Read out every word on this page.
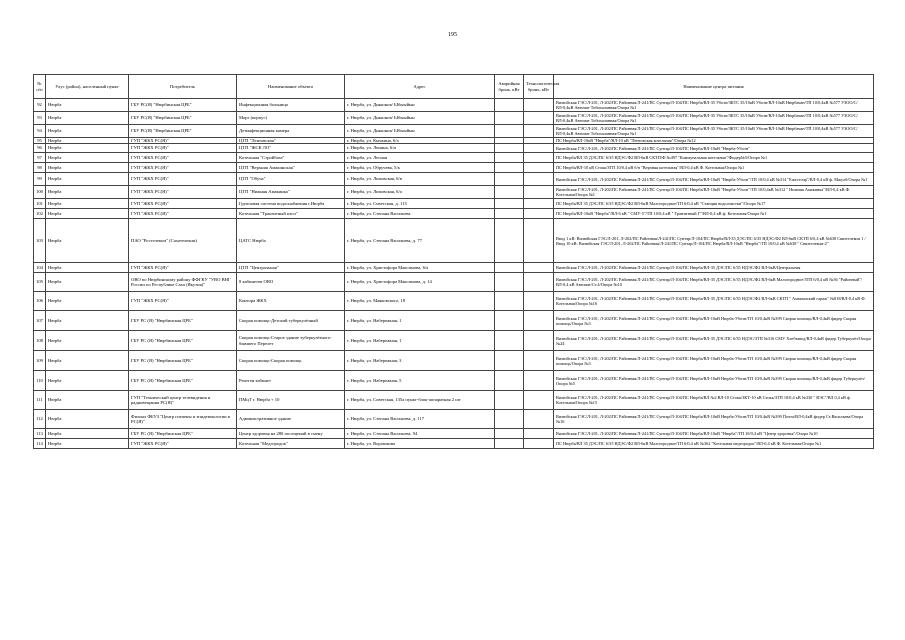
195
№ п/п	Улус (район), населенный пункт	Потребитель	Наименование объекта	Адрес	Аварийная бронь, кВт	Технологическая бронь, кВт	Наименование центра питания

92	Нюрба	ГБУ РС(Я) "Нюрбинская ЦРБ"	Инфекционная больница	г. Нюрба, ул. Дьяконов/ Ыбыыйын			Вилюйская ГЭС/Л-201, Л-202/ПС Районная/Л-241/ПС Сунтар/Л-104/ПС Нюрба/ВЛ-35 Убоэн/ЗКТС 35/10кВ Убоэн/ВЛ-10кВ Нюрбачан/ТП 10/0,4кВ №577 УЗОО/С/ВЛ-0,4кВ Автомат Тобихаланная/Опора №1

93	Нюрба	ГБУ РС(Я) "Нюрбинская ЦРБ"	Морг (корпус)	г. Нюрба, ул. Дьяконов/ Ыбыыйын			Вилюйская ГЭС/Л-201, Л-202/ПС Районная/Л-241/ПС Сунтар/Л-104/ПС Нюрба/ВЛ-35 Убоэн/ЗКТС 35/10кВ Убоэн/ВЛ-10кВ Нюрбачан/ТП 10/0,4кВ №577 УЗОО/С/ВЛ-0,4кВ Автомат Тобихаланная/Опора №1

94	Нюрба	ГБУ РС(Я) "Нюрбинская ЦРБ"	Дезинфекционная камера	г. Нюрба, ул. Дьяконов/ Ыбыыйын			Вилюйская ГЭС/Л-201, Л-202/ПС Районная/Л-241/ПС Сунтар/Л-104/ПС Нюрба/ВЛ-35 Убоэн/ЗКТС 35/10кВ Убоэн/ВЛ-10кВ Нюрбачан/ТП 10/0,4кВ №577 УЗОО/С/ВЛ-0,4кВ Автомат Тобихаланная/Опора №1

95	Нюрба	ГУП "ЖКХ РС(Я)"	ЦТП "Лентовская"	г. Нюрба, ул. Кычкина, 6/а			ПС Нюрба/ВЛ-10кВ "Нюрба"/ВЛ-10 кВ "Лентовская котельная"/Опора №12

96	Нюрба	ГУП "ЖКХ РС(Я)"	ЦТП "ЖСК ЛО"	г. Нюрба, ул. Ленина, 6/и			Вилюйская ГЭС/Л-201, Л-202/ПС Районная/Л-241/ПС Сунтар/Л-104/ПС Нюрба/ВЛ-10кВ "Нюрба-Убоэн"

97	Нюрба	ГУП "ЖКХ РС(Я)"	Котельная "Стройбаза"	г. Нюрба, ул. Лесная			ПС Нюрба/ВЛ 35 ДЭС/ПС 6/35 НДЭС/Ф2 ВЛ-6кВ СКТП/Ф №497 "Коммунальная котельная"/Фидер№5/Опора №1

98	Нюрба	ГУП "ЖКХ РС(Я)"	ЦТП "Верхняя Амакинская"	г. Нюрба, ул. Обручева, 5/к			ПС Нюрба/ВЛ-10 кВ Стокк/ЗТП 10/0,4 кВ б/н "Верхняя котельная"/ВЛ-0,4 кВ Ф. Котельная/Опора №1

99	Нюрба	ГУП "ЖКХ РС(Я)"	ЦТП "Обуча"	г. Нюрба, ул. Липовская, 6/в			Вилюйская ГЭС/Л-201, Л-202/ПС Районная/Л-241/ПС Сунтар/Л-104/ПС Нюрба/ВЛ-10кВ "Нюрба-Убоэн"/ТП 10/0,4 кВ №314 "Ежесточр"/ВЛ-0,4 кВ ф. Мжулб/Опора №1

100	Нюрба	ГУП "ЖКХ РС(Я)"	ЦТП "Нижняя Амакинка"	г. Нюрба, ул. Липовская, 6/а			Вилюйская ГЭС/Л-201, Л-202/ПС Районная/Л-241/ПС Сунтар/Л-104/ПС Нюрба/ВЛ-10кВ "Нюрба-Убоэн"/ТП 10/0,4кВ №312 " Нижняя Амакинка"/ВЛ-0,4 кВ Ф. Котельная/Опора №1

101	Нюрба	ГУП "ЖКХ РС(Я)"	Групповая система водоснабжения г.Нюрба	г. Нюрба, ул. Советская, д. 113			ПС Нюрба/ВЛ 35 ДЭС/ПС 6/35 НДЭС/Ф2 ВЛ-6кВ Малогородное/ТП 6/0,4 кВ "Станция водоочистки"/Опора №17

102	Нюрба	ГУП "ЖКХ РС(Я)"	Котельная "Транзитный изол"	г. Нюрба, ул. Степана Васильева			ПС Нюрба/ВЛ-10кВ "Нюрба"/ВЛ-6 кВ " СМУ-5"/ТП 10/0,4 кВ " Транзитный Г"/ВЛ-0,4 кВ ф. Котельная/Опора №1

103	Нюрба	ПАО "Ростелеком" (Сахателеком)	ЦАТС Нюрба	г. Нюрба, ул. Степана Васильева, д. 77			Ввод 1 кВ: Вилюйская ГЭС/Л-201, Л-202/ПС Районная/Л-241/ПС Сунтар/Л-104/ПС Нюрба/ВЛ-35 ДЭС/ПС 6/35 НДЭС/Ф2 ВЛ-6кВ СКТП 6/0,4 кВ №638 Связтелеком 1 / Ввод 10 кВ: Вилюйская ГЭС/Л-201, Л-202/ПС Районная/Л-241/ПС Сунтар/Л-104/ПС Нюрба/ВЛ-10кВ "Нюрба"/ТП 10/0,4 кВ №638 " Связтелеком-2"

104	Нюрба	ГУП "ЖКХ РС(Я)"	ЦТП "Центральная"	г. Нюрба, ул. Христофора Максимова, 6/а			Вилюйская ГЭС/Л-201, Л-202/ПС Районная/Л-241/ПС Сунтар/Л-104/ПС Нюрба/ВЛ-35 ДЭС/ПС 6/35 НДЭС/Ф2 ВЛ-6кВ/Центральная

105	Нюрба	ОВО по Нюрбинскому району ФФГКУ "УВО ВНГ России по Республике Саха (Якутия)"	8 кабинетов ОВО	г. Нюрба, ул. Христофора Максимова, д. 14			Вилюйская ГЭС/Л-201, Л-202/ПС Районная/Л-241/ПС Сунтар/Л-104/ПС Нюрба/ВЛ-35 ДЭС/ПС 6/35 НДЭС/Ф2 ВЛ-6кВ Малогородное/ЗТП 6/0,4 кВ №36 "Районный"/ВЛ-0,4 кВ Автомат/Ст.4/Опора №10

106	Нюрба	ГУП "ЖКХ РС(Я)"	Контора ЖКХ	г. Нюрба, ул. Маяковского, 18			Вилюйская ГЭС/Л-201, Л-202/ПС Районная/Л-241/ПС Сунтар/Л-104/ПС Нюрба/ВЛ-35 ДЭС/ПС 6/35 НДЭС/Ф2 ВЛ-6кВ СКТП " Аммиачский гараж" №818/ВЛ-0,4 кВ Ф. Котельная/Опора №16

107	Нюрба	ГБУ РС (Я) "Нюрбинская ЦРБ"	Скорая помощь-Детский туберкулёзный	г. Нюрба, ул. Набережная, 1			Вилюйская ГЭС/Л-201, Л-202/ПС Районная/Л-241/ПС Сунтар/Л-104/ПС Нюрба/ВЛ-10кВ Нюрба-Убоэн/ТП 10/0,4кВ №399 Скорая помощь/ВЛ-0,4кВ фидер Скорая помощь/Опора №3

108	Нюрба	ГБУ РС (Я) "Нюрбинская ЦРБ"	Скорая помощь-Старое здание туберкулёзного-бывшего Перелет	г. Нюрба, ул. Набережная, 1			Вилюйская ГЭС/Л-201, Л-202/ПС Районная/Л-241/ПС Сунтар/Л-104/ПС Нюрба/ВЛ-35 ДЭС/ПС 6/35 НДЭС/ЗТП №316 СМУ Хлебзавод/ВЛ-0,4кВ фидер Туберкулёз/Опора №24

109	Нюрба	ГБУ РС (Я) "Нюрбинская ЦРБ"	Скорая помощь-Скорая помощь	г. Нюрба, ул. Набережная, 3			Вилюйская ГЭС/Л-201, Л-202/ПС Районная/Л-241/ПС Сунтар/Л-104/ПС Нюрба/ВЛ-10кВ Нюрба-Убоэн/ТП 10/0,4кВ №399 Скорая помощь/ВЛ-0,4кВ фидер Скорая помощь/Опора №3

110	Нюрба	ГБУ РС (Я) "Нюрбинская ЦРБ"	Рентген кабинет	г. Нюрба, ул. Набережная, 5			Вилюйская ГЭС/Л-201, Л-202/ПС Районная/Л-241/ПС Сунтар/Л-104/ПС Нюрба/ВЛ-10кВ Нюрба-Убоэн/ТП 10/0,4кВ №399 Скорая помощь/ВЛ-0,4кВ фидер Туберкулёз/Опора №5

111	Нюрба	ГУП "Технический центр телевидения и радиовещания РС(Я)"	ПМцТ г. Нюрба + 10	г. Нюрба, ул. Советская, 135а пункт-блок-аппаратная 2 шт			Вилюйская ГЭС/Л-201, Л-202/ПС Районная/Л-241/ПС Сунтар/Л-104/ПС Нюрба/ВЛ №2 ВЛ-10 Стокк/ЗКТ-10 кВ Стокк/ЗТП 10/0,4 кВ №330 " ВЭС"/ВЛ 0,4 кВ ф. Котельная/Опора №15

112	Нюрба	Филиал ФБУЗ "Центр гигиены и эпидемиологии в РС(Я)"	Административное здание	г. Нюрба, ул. Степана Васильева, д. 117			Вилюйская ГЭС/Л-201, Л-202/ПС Районная/Л-241/ПС Сунтар/Л-104/ПС Нюрба/ВЛ-10кВ Нюрба-Убоэн/ТП 10/0,4кВ №399 Почта/ВЛ-0,4кВ фидер Ст.Васильева/Опора №16

113	Нюрба	ГБУ РС (Я) "Нюрбинская ЦРБ"	Центр здоровья на 280 посещений в смену	г. Нюрба, ул. Степана Васильева, 94			Вилюйская ГЭС/Л-201, Л-202/ПС Районная/Л-241/ПС Сунтар/Л-104/ПС Нюрба/ВЛ-10кВ "Нюрба"/ТП 10/0,4 кВ "Центр здоровья"/Опора №10

114	Нюрба	ГУП "ЖКХ РС(Я)"	Котельная "Медгородок"	г. Нюрба, ул. Ворошкова			ПС Нюрба/ВЛ 35 ДЭС/ПС 6/35 НДЭС/Ф2 ВЛ-6кВ Малогородное/ТП 6/0,4 кВ №362 "Котельная медгородок"/ВЛ-0,4 кВ Ф. Котельная/Опора №1
